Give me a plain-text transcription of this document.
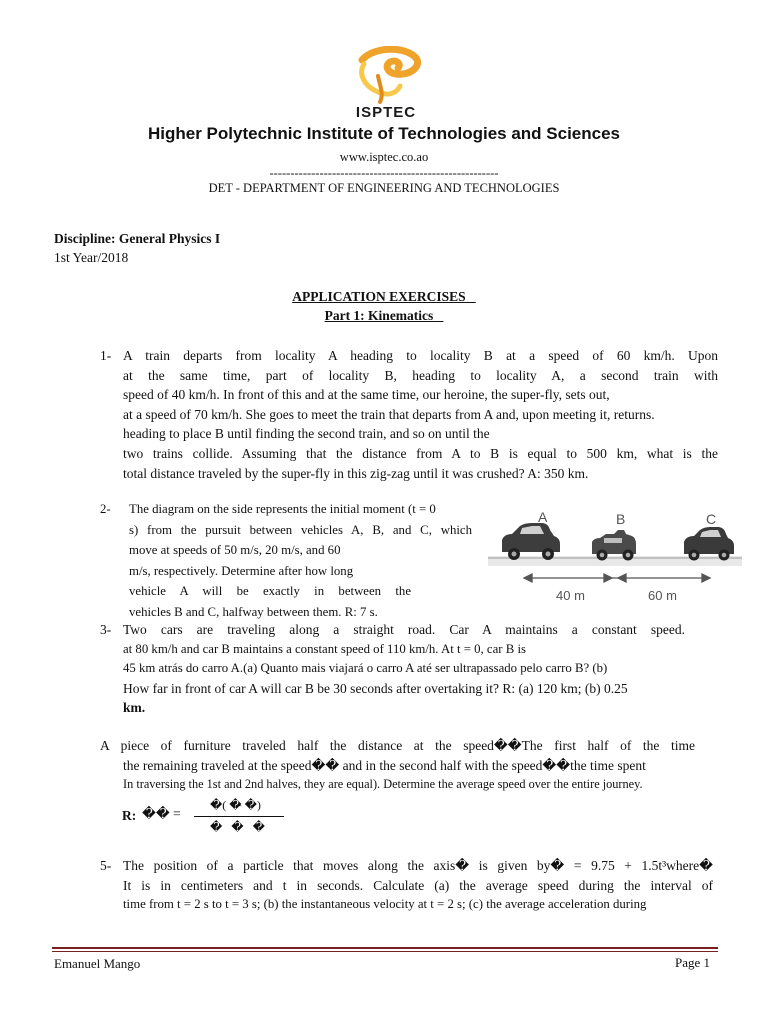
ISPTEC
Higher Polytechnic Institute of Technologies and Sciences
www.isptec.co.ao
-------------------------------------------------------
DET - DEPARTMENT OF ENGINEERING AND TECHNOLOGIES
Discipline: General Physics I
1st Year/2018
APPLICATION EXERCISES
Part 1: Kinematics
1- A train departs from locality A heading to locality B at a speed of 60 km/h. Upon
at the same time, part of locality B, heading to locality A, a second train with
speed of 40 km/h. In front of this and at the same time, our heroine, the super-fly, sets out,
at a speed of 70 km/h. She goes to meet the train that departs from A and, upon meeting it, returns.
heading to place B until finding the second train, and so on until the
two trains collide. Assuming that the distance from A to B is equal to 500 km, what is the
total distance traveled by the super-fly in this zig-zag until it was crushed? A: 350 km.
2- The diagram on the side represents the initial moment (t = 0
s) from the pursuit between vehicles A, B, and C, which
move at speeds of 50 m/s, 20 m/s, and 60
m/s, respectively. Determine after how long
vehicle A will be exactly in between the
vehicles B and C, halfway between them. R: 7 s.
A	B	C
40 m	60 m
3- Two cars are traveling along a straight road. Car A maintains a constant speed.
at 80 km/h and car B maintains a constant speed of 110 km/h. At t = 0, car B is
45 km atrás do carro A.(a) Quanto mais viajará o carro A até ser ultrapassado pelo carro B? (b)
How far in front of car A will car B be 30 seconds after overtaking it? R: (a) 120 km; (b) 0.25
km.
A piece of furniture traveled half the distance at the speed��The first half of the time
the remaining traveled at the speed�� and in the second half with the speed��the time spent
In traversing the 1st and 2nd halves, they are equal). Determine the average speed over the entire journey.
R: �� =
�( �̵ �)
�   �   �
5- The position of a particle that moves along the axis� is given by� = 9.75 + 1.5t³where�
It is in centimeters and t in seconds. Calculate (a) the average speed during the interval of
time from t = 2 s to t = 3 s; (b) the instantaneous velocity at t = 2 s; (c) the average acceleration during
Emanuel Mango	Page 1
